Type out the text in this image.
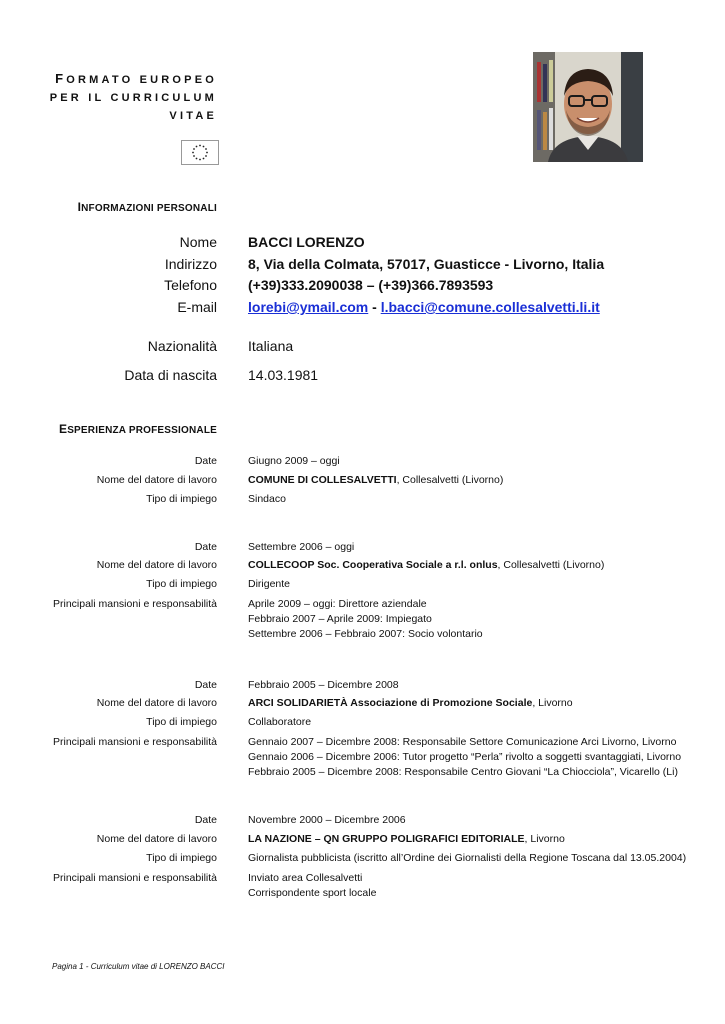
FORMATO EUROPEO
PER IL CURRICULUM
VITAE
INFORMAZIONI PERSONALI
Nome BACCI LORENZO
Indirizzo 8, Via della Colmata, 57017, Guasticce - Livorno, Italia
Telefono (+39)333.2090038 – (+39)366.7893593
E-mail lorebi@ymail.com - l.bacci@comune.collesalvetti.li.it
Nazionalità Italiana
Data di nascita 14.03.1981
ESPERIENZA PROFESSIONALE
Date	Giugno 2009 – oggi
Nome del datore di lavoro	COMUNE DI COLLESALVETTI, Collesalvetti (Livorno)
Tipo di impiego	Sindaco
Date	Settembre 2006 – oggi
Nome del datore di lavoro	COLLECOOP Soc. Cooperativa Sociale a r.l. onlus, Collesalvetti (Livorno)
Tipo di impiego	Dirigente
Principali mansioni e responsabilità	Aprile 2009 – oggi: Direttore aziendale
Febbraio 2007 – Aprile 2009: Impiegato
Settembre 2006 – Febbraio 2007: Socio volontario
Date	Febbraio 2005 – Dicembre 2008
Nome del datore di lavoro	ARCI SOLIDARIETÀ Associazione di Promozione Sociale, Livorno
Tipo di impiego	Collaboratore
Principali mansioni e responsabilità	Gennaio 2007 – Dicembre 2008: Responsabile Settore Comunicazione Arci Livorno, Livorno
Gennaio 2006 – Dicembre 2006: Tutor progetto “Perla” rivolto a soggetti svantaggiati, Livorno
Febbraio 2005 – Dicembre 2008: Responsabile Centro Giovani “La Chiocciola”, Vicarello (Li)
Date	Novembre 2000 – Dicembre 2006
Nome del datore di lavoro	LA NAZIONE – QN GRUPPO POLIGRAFICI EDITORIALE, Livorno
Tipo di impiego	Giornalista pubblicista (iscritto all’Ordine dei Giornalisti della Regione Toscana dal 13.05.2004)
Principali mansioni e responsabilità	Inviato area Collesalvetti
Corrispondente sport locale
Pagina 1 - Curriculum vitae di LORENZO BACCI
